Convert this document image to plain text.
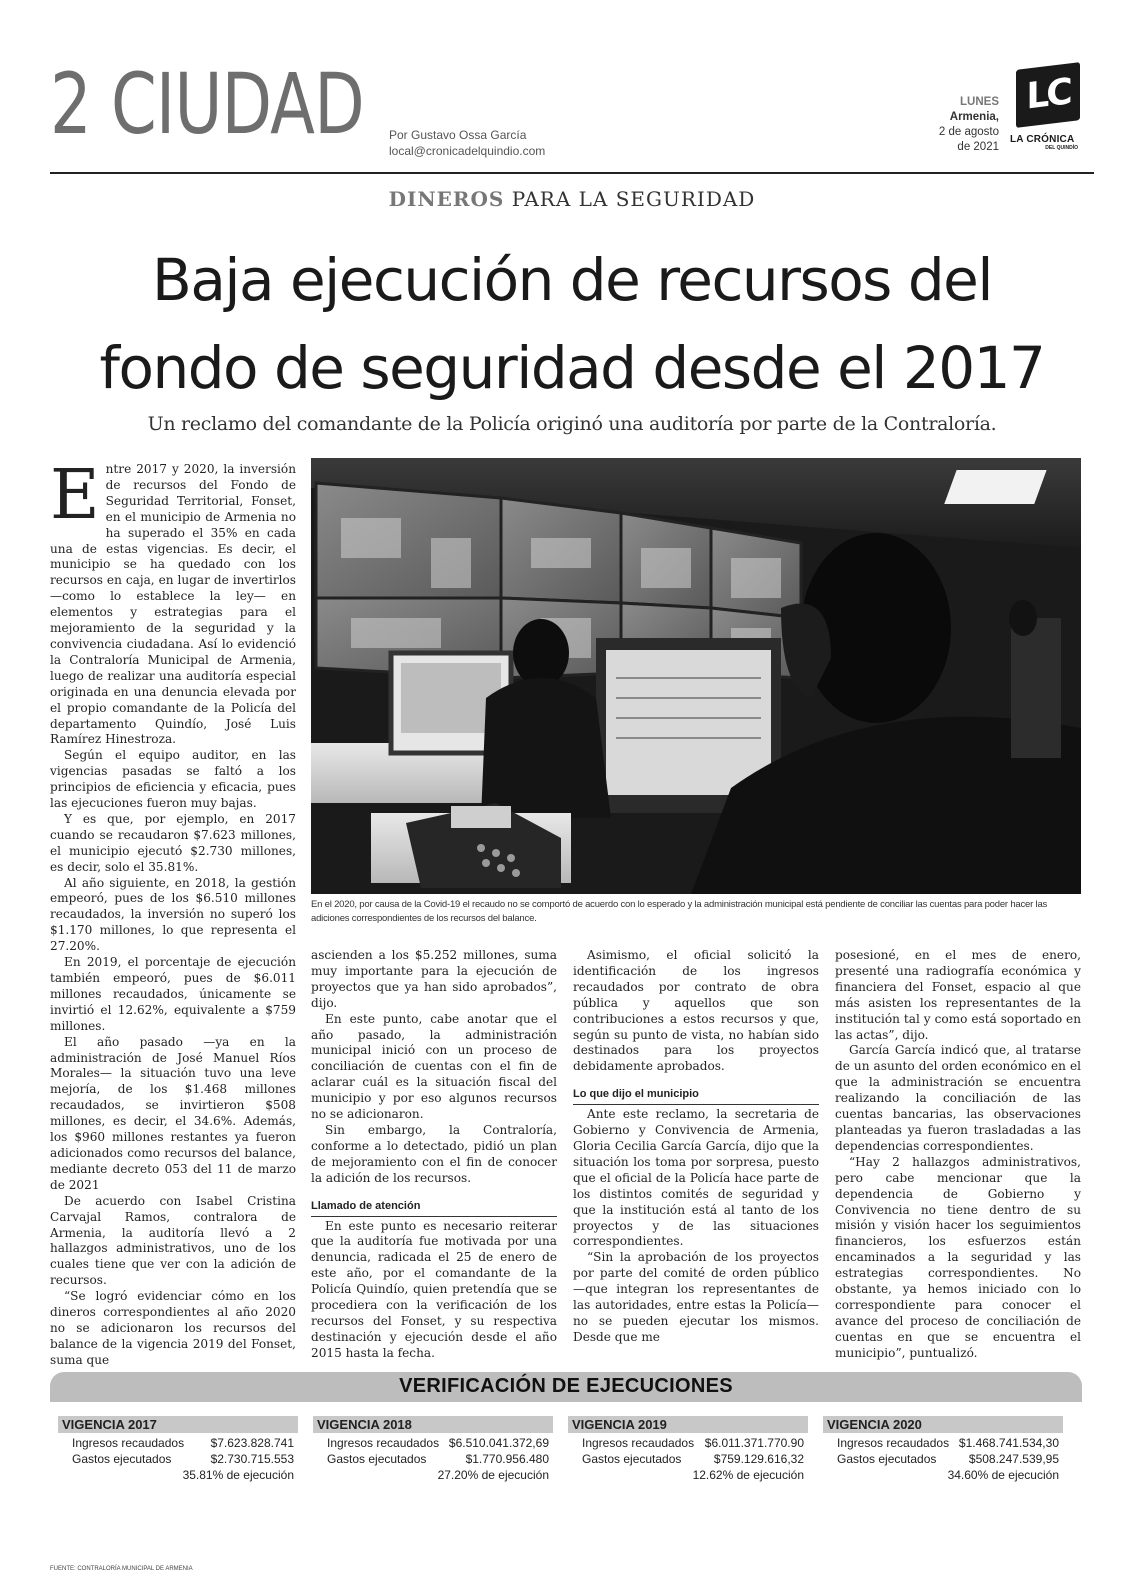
2 CIUDAD Por Gustavo Ossa García
local@cronicadelquindio.com
LUNES
Armenia,
2 de agosto
de 2021
LC
LA CRÓNICA
DEL QUINDÍO
DINEROS PARA LA SEGURIDAD
Baja ejecución de recursos del
fondo de seguridad desde el 2017
Un reclamo del comandante de la Policía originó una auditoría por parte de la Contraloría.
En el 2020, por causa de la Covid-19 el recaudo no se comportó de acuerdo con lo esperado y la administración municipal está pendiente de conciliar las cuentas para poder hacer las adiciones correspondientes de los recursos del balance.

Entre 2017 y 2020, la inversión de recursos del Fondo de Seguridad Territorial, Fonset, en el municipio de Armenia no ha superado el 35% en cada una de estas vigencias. Es decir, el municipio se ha quedado con los recursos en caja, en lugar de invertirlos —como lo establece la ley— en elementos y estrategias para el mejoramiento de la seguridad y la convivencia ciudadana. Así lo evidenció la Contraloría Municipal de Armenia, luego de realizar una auditoría especial originada en una denuncia elevada por el propio comandante de la Policía del departamento Quindío, José Luis Ramírez Hinestroza.

Según el equipo auditor, en las vigencias pasadas se faltó a los principios de eficiencia y eficacia, pues las ejecuciones fueron muy bajas.

Y es que, por ejemplo, en 2017 cuando se recaudaron $7.623 millones, el municipio ejecutó $2.730 millones, es decir, solo el 35.81%.

Al año siguiente, en 2018, la gestión empeoró, pues de los $6.510 millones recaudados, la inversión no superó los $1.170 millones, lo que representa el 27.20%.

En 2019, el porcentaje de ejecución también empeoró, pues de $6.011 millones recaudados, únicamente se invirtió el 12.62%, equivalente a $759 millones.

El año pasado —ya en la administración de José Manuel Ríos Morales— la situación tuvo una leve mejoría, de los $1.468 millones recaudados, se invirtieron $508 millones, es decir, el 34.6%. Además, los $960 millones restantes ya fueron adicionados como recursos del balance, mediante decreto 053 del 11 de marzo de 2021

De acuerdo con Isabel Cristina Carvajal Ramos, contralora de Armenia, la auditoría llevó a 2 hallazgos administrativos, uno de los cuales tiene que ver con la adición de recursos.

“Se logró evidenciar cómo en los dineros correspondientes al año 2020 no se adicionaron los recursos del balance de la vigencia 2019 del Fonset, suma que

ascienden a los $5.252 millones, suma muy importante para la ejecución de proyectos que ya han sido aprobados”, dijo.

En este punto, cabe anotar que el año pasado, la administración municipal inició con un proceso de conciliación de cuentas con el fin de aclarar cuál es la situación fiscal del municipio y por eso algunos recursos no se adicionaron.

Sin embargo, la Contraloría, conforme a lo detectado, pidió un plan de mejoramiento con el fin de conocer la adición de los recursos.

Llamado de atención

En este punto es necesario reiterar que la auditoría fue motivada por una denuncia, radicada el 25 de enero de este año, por el comandante de la Policía Quindío, quien pretendía que se procediera con la verificación de los recursos del Fonset, y su respectiva destinación y ejecución desde el año 2015 hasta la fecha.

Asimismo, el oficial solicitó la identificación de los ingresos recaudados por contrato de obra pública y aquellos que son contribuciones a estos recursos y que, según su punto de vista, no habían sido destinados para los proyectos debidamente aprobados.

Lo que dijo el municipio

Ante este reclamo, la secretaria de Gobierno y Convivencia de Armenia, Gloria Cecilia García García, dijo que la situación los toma por sorpresa, puesto que el oficial de la Policía hace parte de los distintos comités de seguridad y que la institución está al tanto de los proyectos y de las situaciones correspondientes.

“Sin la aprobación de los proyectos por parte del comité de orden público —que integran los representantes de las autoridades, entre estas la Policía— no se pueden ejecutar los mismos. Desde que me

posesioné, en el mes de enero, presenté una radiografía económica y financiera del Fonset, espacio al que más asisten los representantes de la institución tal y como está soportado en las actas”, dijo.

García García indicó que, al tratarse de un asunto del orden económico en el que la administración se encuentra realizando la conciliación de las cuentas bancarias, las observaciones planteadas ya fueron trasladadas a las dependencias correspondientes.

“Hay 2 hallazgos administrativos, pero cabe mencionar que la dependencia de Gobierno y Convivencia no tiene dentro de su misión y visión hacer los seguimientos financieros, los esfuerzos están encaminados a la seguridad y las estrategias correspondientes. No obstante, ya hemos iniciado con lo correspondiente para conocer el avance del proceso de conciliación de cuentas en que se encuentra el municipio”, puntualizó.

VERIFICACIÓN DE EJECUCIONES
VIGENCIA 2017
Ingresos recaudados $7.623.828.741
Gastos ejecutados	$2.730.715.553
35.81% de ejecución
VIGENCIA 2018
Ingresos recaudados $6.510.041.372,69
Gastos ejecutados	$1.770.956.480
27.20% de ejecución
VIGENCIA 2019
Ingresos recaudados $6.011.371.770.90
Gastos ejecutados	$759.129.616,32
12.62% de ejecución
VIGENCIA 2020
Ingresos recaudados $1.468.741.534,30
Gastos ejecutados	$508.247.539,95
34.60% de ejecución
FUENTE: CONTRALORÍA MUNICIPAL DE ARMENIA
